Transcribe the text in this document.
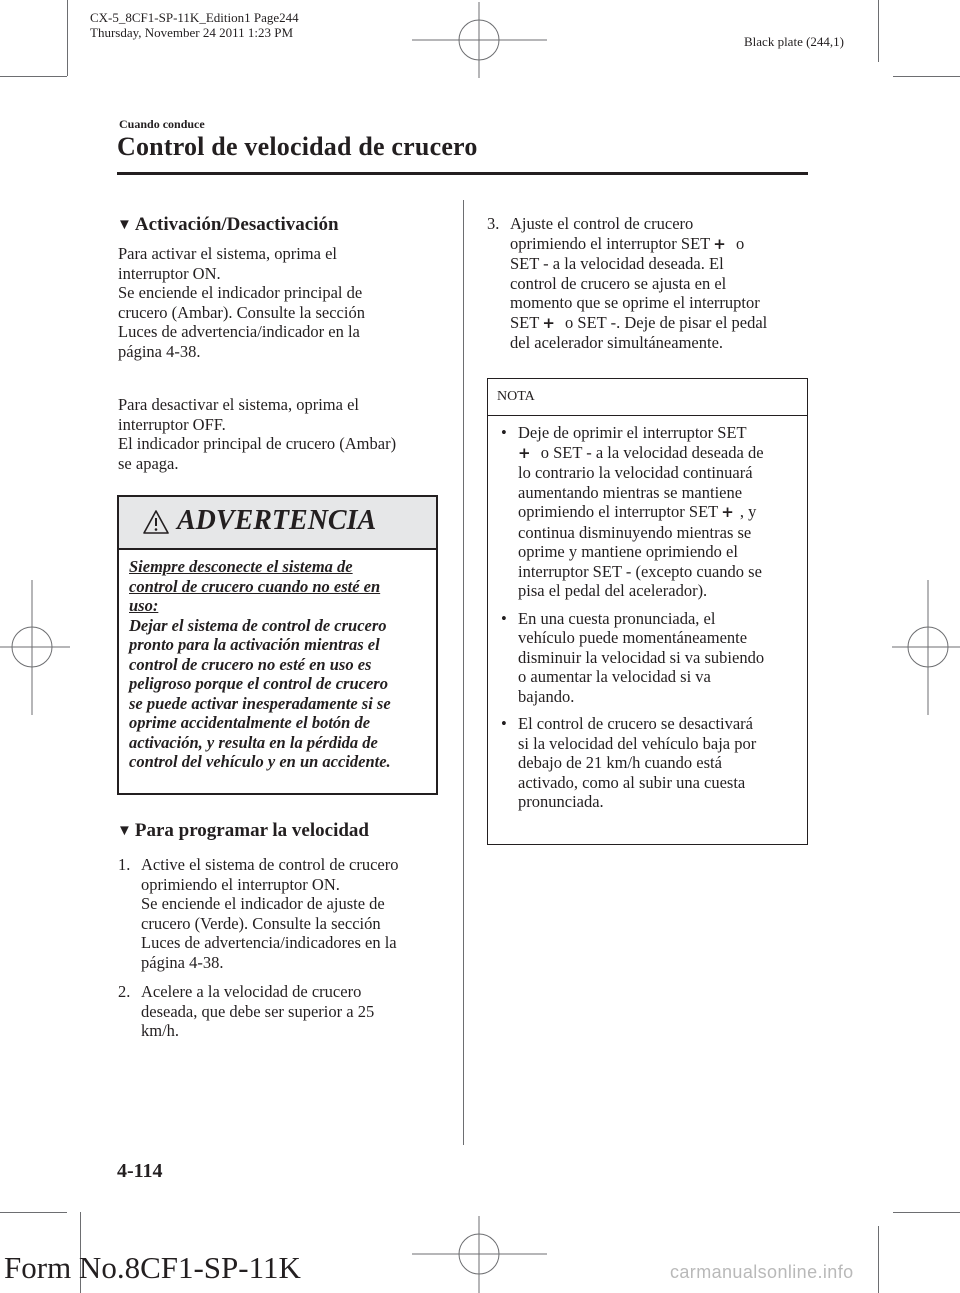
CX-5_8CF1-SP-11K_Edition1 Page244
Thursday, November 24 2011 1:23 PM
Black plate (244,1)
Cuando conduce
Control de velocidad de crucero
▼ Activación/Desactivación
Para activar el sistema, oprima el
interruptor ON.
Se enciende el indicador principal de
crucero (Ambar). Consulte la sección
Luces de advertencia/indicador en la
página 4-38.
Para desactivar el sistema, oprima el
interruptor OFF.
El indicador principal de crucero (Ambar)
se apaga.
ADVERTENCIA
Siempre desconecte el sistema de
control de crucero cuando no esté en
uso:
Dejar el sistema de control de crucero
pronto para la activación mientras el
control de crucero no esté en uso es
peligroso porque el control de crucero
se puede activar inesperadamente si se
oprime accidentalmente el botón de
activación, y resulta en la pérdida de
control del vehículo y en un accidente.
▼ Para programar la velocidad
1. Active el sistema de control de crucero
oprimiendo el interruptor ON.
Se enciende el indicador de ajuste de
crucero (Verde). Consulte la sección
Luces de advertencia/indicadores en la
página 4-38.
2. Acelere a la velocidad de crucero
deseada, que debe ser superior a 25
km/h.
3. Ajuste el control de crucero
oprimiendo el interruptor SET + o
SET - a la velocidad deseada. El
control de crucero se ajusta en el
momento que se oprime el interruptor
SET + o SET -. Deje de pisar el pedal
del acelerador simultáneamente.
NOTA
• Deje de oprimir el interruptor SET
+ o SET - a la velocidad deseada de
lo contrario la velocidad continuará
aumentando mientras se mantiene
oprimiendo el interruptor SET + , y
continua disminuyendo mientras se
oprime y mantiene oprimiendo el
interruptor SET - (excepto cuando se
pisa el pedal del acelerador).
• En una cuesta pronunciada, el
vehículo puede momentáneamente
disminuir la velocidad si va subiendo
o aumentar la velocidad si va
bajando.
• El control de crucero se desactivará
si la velocidad del vehículo baja por
debajo de 21 km/h cuando está
activado, como al subir una cuesta
pronunciada.
4-114
Form No.8CF1-SP-11K	carmanualsonline.info
